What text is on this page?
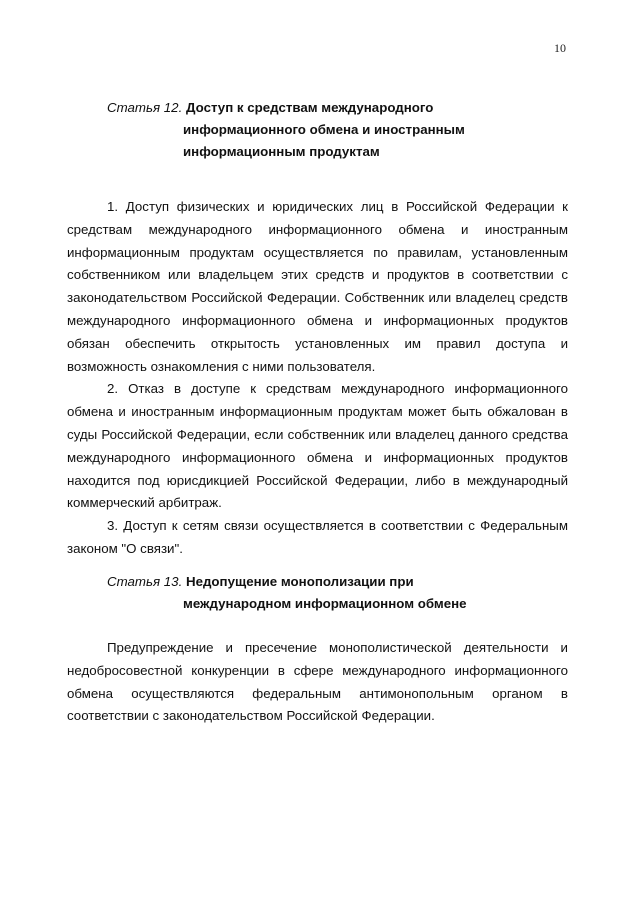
10
Статья 12. Доступ к средствам международного
информационного обмена и иностранным
информационным продуктам

1. Доступ физических и юридических лиц в Российской Федерации к средствам международного информационного обмена и иностранным информационным продуктам осуществляется по правилам, установленным собственником или владельцем этих средств и продуктов в соответствии с законодательством Российской Федерации. Собственник или владелец средств международного информационного обмена и информационных продуктов обязан обеспечить открытость установленных им правил доступа и возможность ознакомления с ними пользователя.

2. Отказ в доступе к средствам международного информационного обмена и иностранным информационным продуктам может быть обжалован в суды Российской Федерации, если собственник или владелец данного средства международного информационного обмена и информационных продуктов находится под юрисдикцией Российской Федерации, либо в международный коммерческий арбитраж.

3. Доступ к сетям связи осуществляется в соответствии с Федеральным законом "О связи".

Статья 13. Недопущение монополизации при
международном информационном обмене

Предупреждение и пресечение монополистической деятельности и недобросовестной конкуренции в сфере международного информационного обмена осуществляются федеральным антимонопольным органом в соответствии с законодательством Российской Федерации.
